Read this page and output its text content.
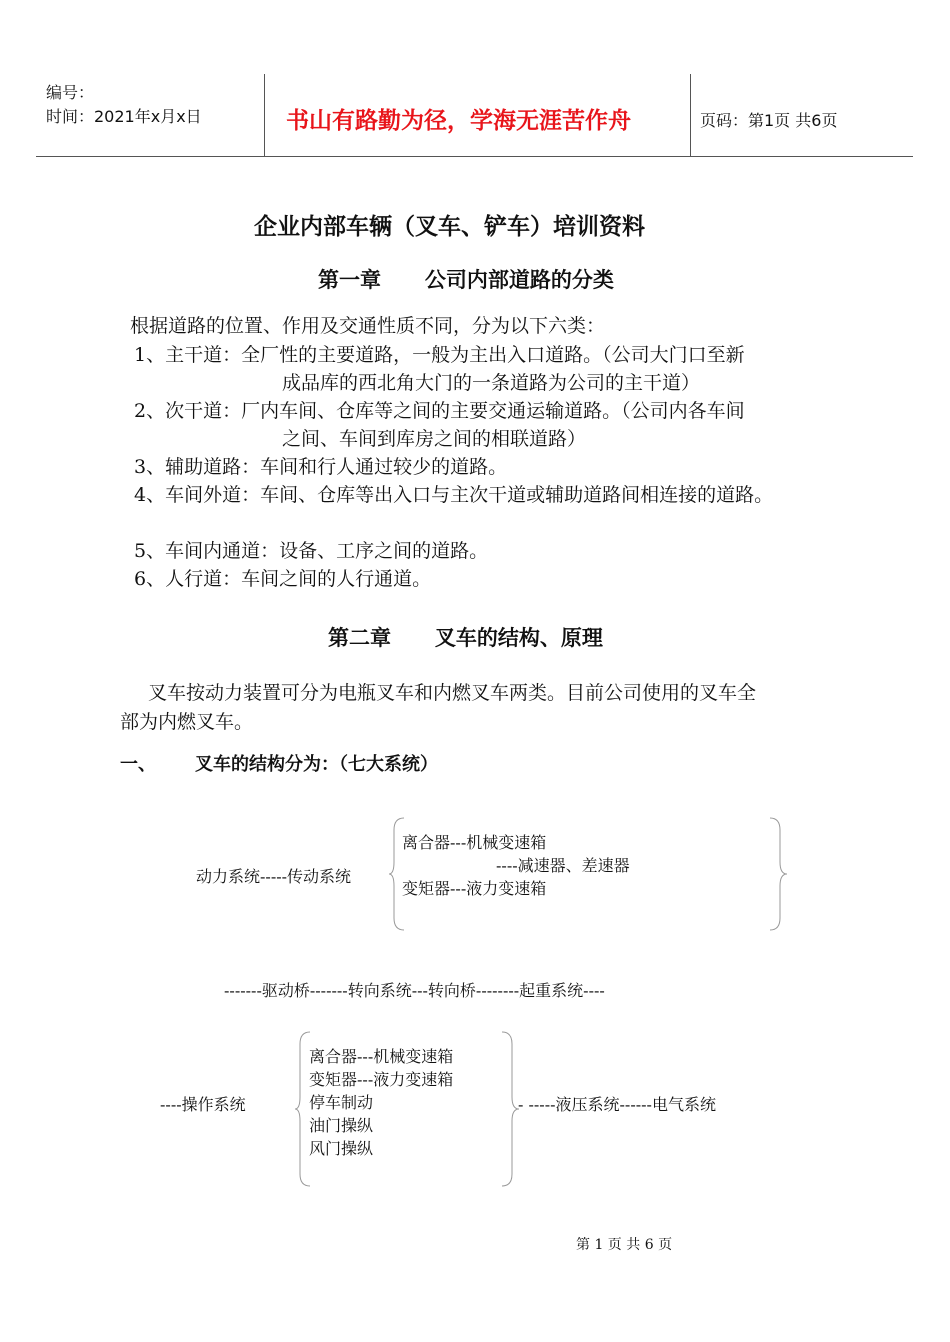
编号：
时间：2021年x月x日	书山有路勤为径，学海无涯苦作舟	页码：第1页 共6页
企业内部车辆（叉车、铲车）培训资料
第一章      公司内部道路的分类
根据道路的位置、作用及交通性质不同，分为以下六类：
1、主干道：全厂性的主要道路，一般为主出入口道路。（公司大门口至新
成品库的西北角大门的一条道路为公司的主干道）
2、次干道：厂内车间、仓库等之间的主要交通运输道路。（公司内各车间
之间、车间到库房之间的相联道路）
3、辅助道路：车间和行人通过较少的道路。
4、车间外道：车间、仓库等出入口与主次干道或辅助道路间相连接的道路。
5、车间内通道：设备、工序之间的道路。
6、人行道：车间之间的人行通道。
第二章      叉车的结构、原理
叉车按动力装置可分为电瓶叉车和内燃叉车两类。目前公司使用的叉车全
部为内燃叉车。
一、 叉车的结构分为：（七大系统）
动力系统-----传动系统
离合器---机械变速箱
----减速器、差速器
变矩器---液力变速箱
-------驱动桥-------转向系统---转向桥--------起重系统----
----操作系统
离合器---机械变速箱
变矩器---液力变速箱
停车制动
油门操纵
风门操纵
- -----液压系统------电气系统
第 1 页 共 6 页
